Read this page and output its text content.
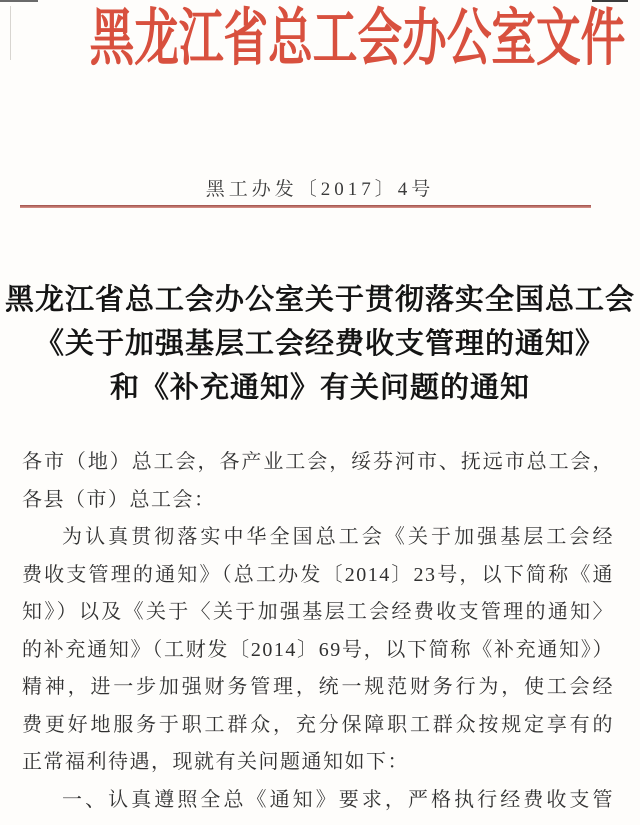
黑龙江省总工会办公室文件
黑工办发〔2017〕4号
黑龙江省总工会办公室关于贯彻落实全国总工会
《关于加强基层工会经费收支管理的通知》
和《补充通知》有关问题的通知
各市（地）总工会，各产业工会，绥芬河市、抚远市总工会，
各县（市）总工会：
为认真贯彻落实中华全国总工会《关于加强基层工会经
费收支管理的通知》（总工办发〔2014〕23号，以下简称《通
知》）以及《关于〈关于加强基层工会经费收支管理的通知〉
的补充通知》（工财发〔2014〕69号，以下简称《补充通知》）
精神，进一步加强财务管理，统一规范财务行为，使工会经
费更好地服务于职工群众，充分保障职工群众按规定享有的
正常福利待遇，现就有关问题通知如下：
一、认真遵照全总《通知》要求，严格执行经费收支管
